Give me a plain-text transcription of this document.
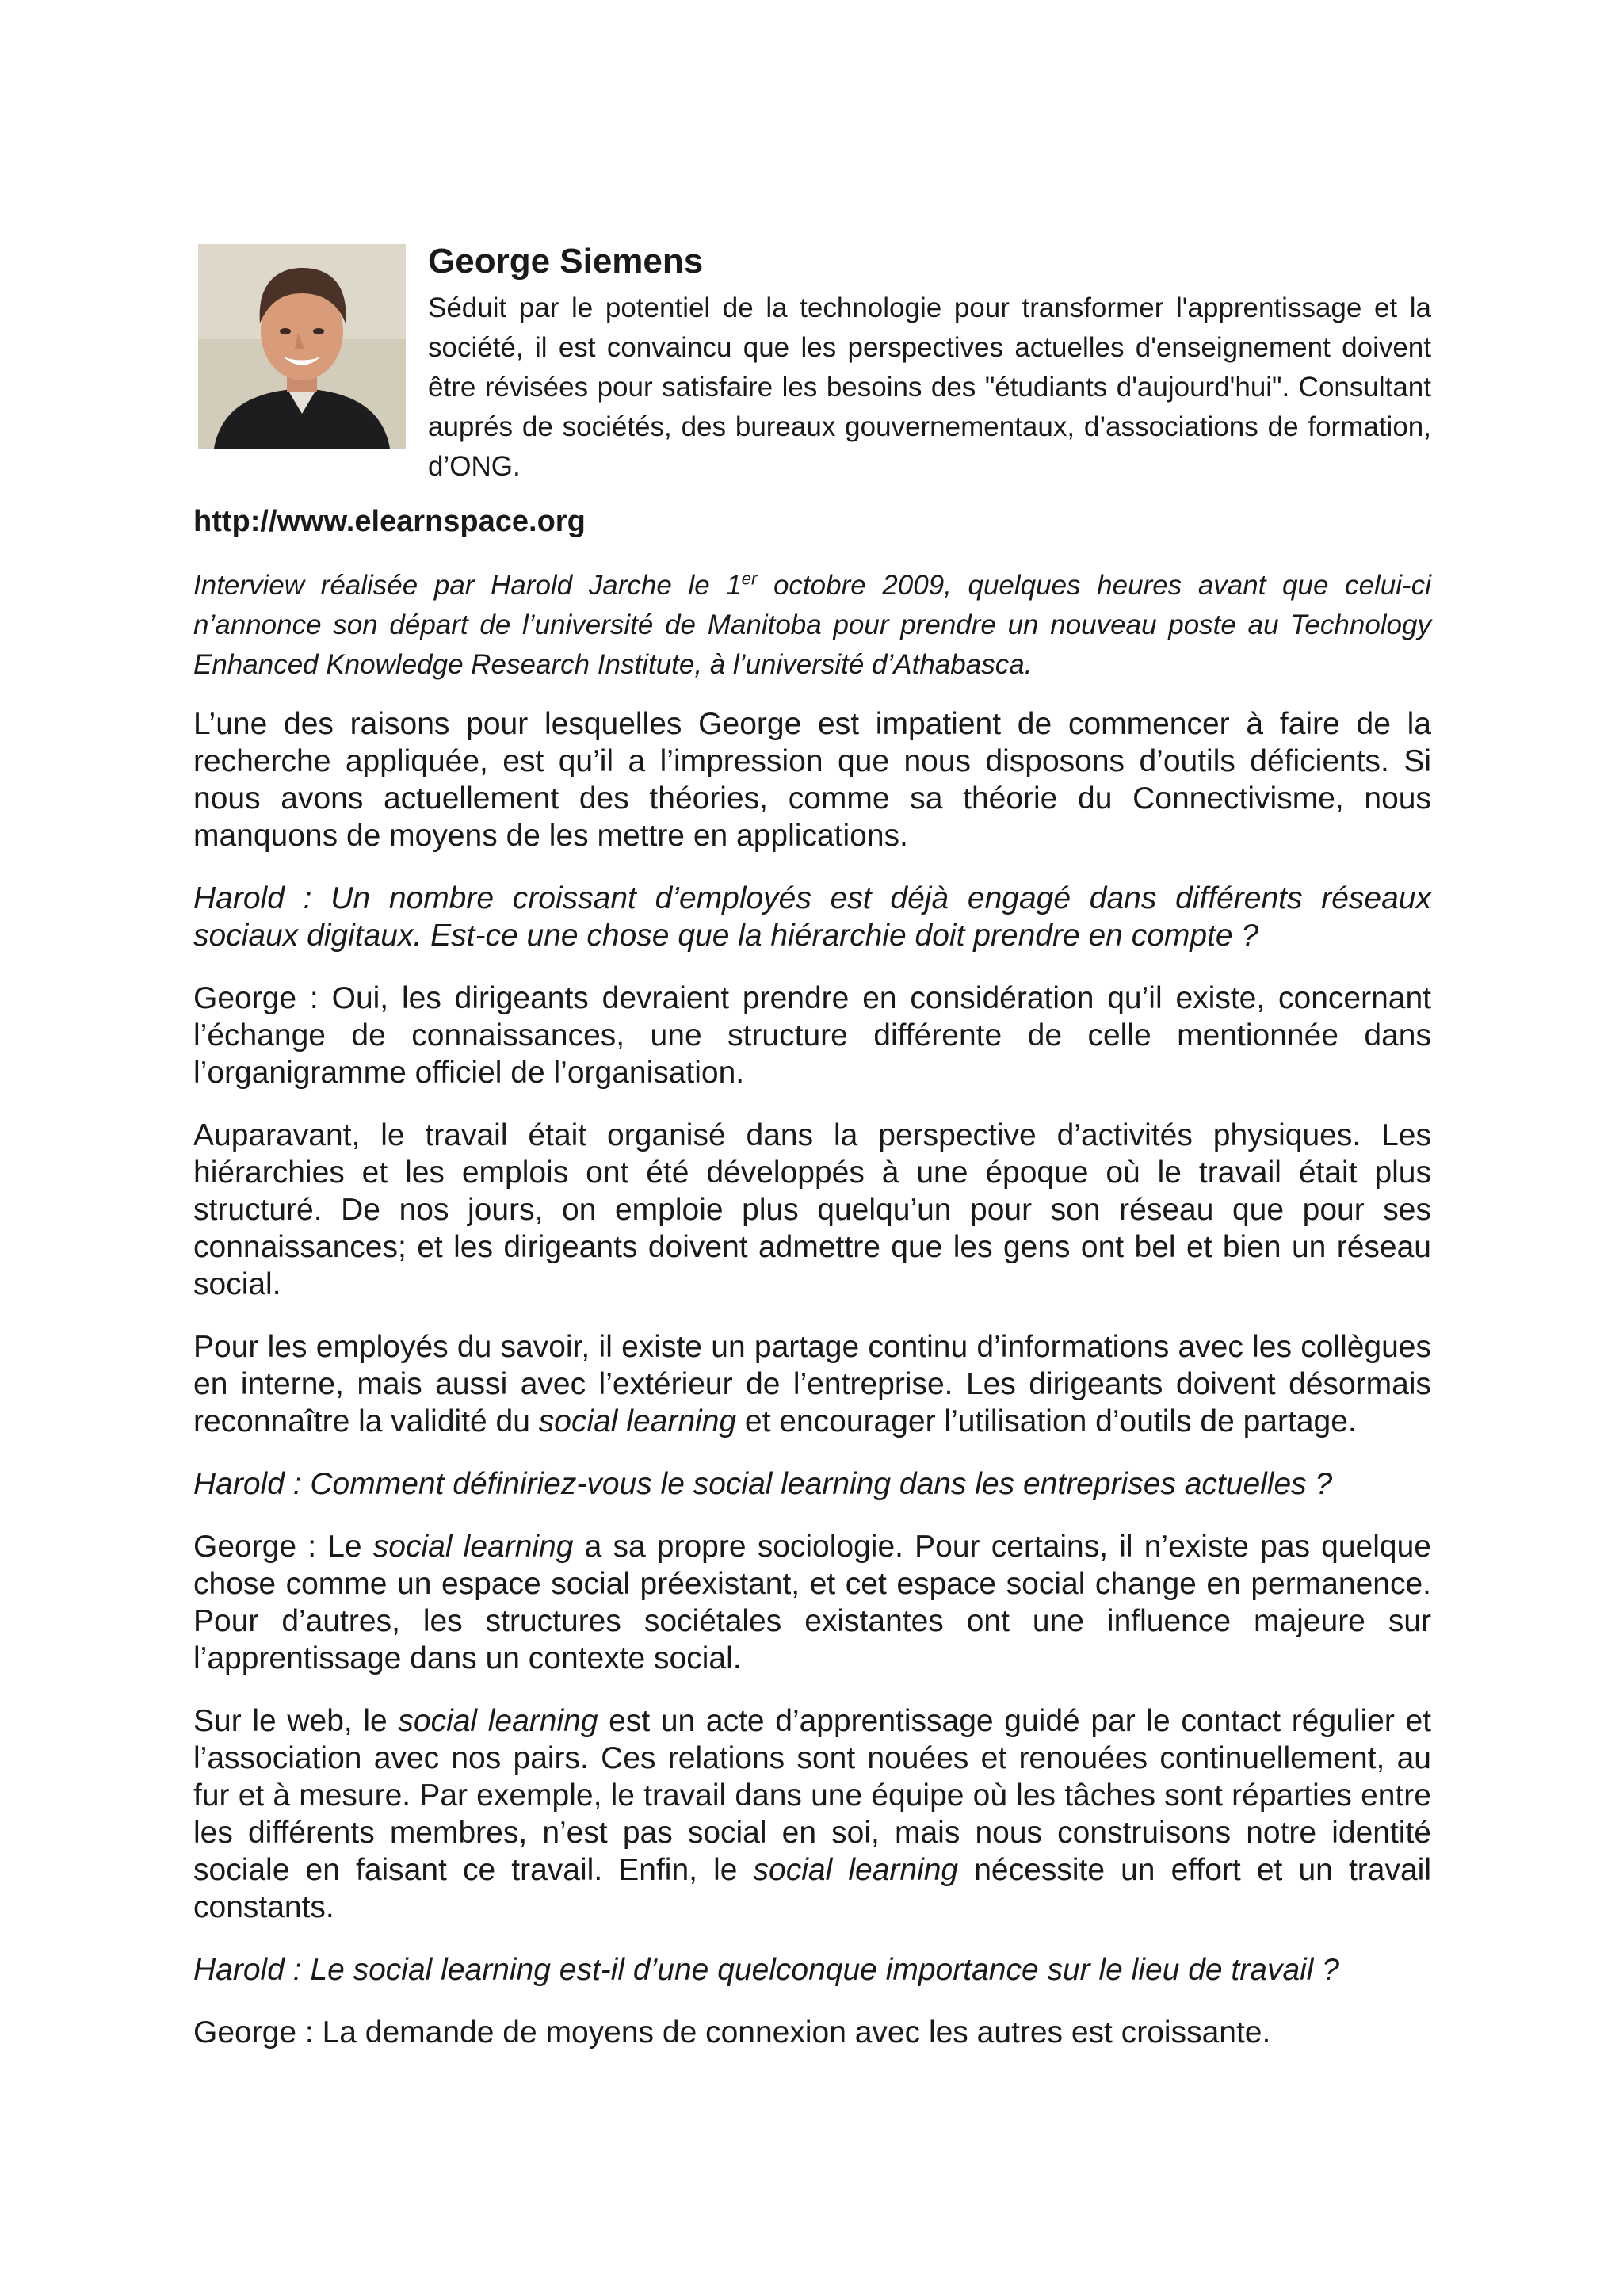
George Siemens

Séduit par le potentiel de la technologie pour transformer l'apprentissage et la société, il est convaincu que les perspectives actuelles d'enseignement doivent être révisées pour satisfaire les besoins des "étudiants d'aujourd'hui". Consultant auprés de sociétés, des bureaux gouvernementaux, d’associations de formation, d’ONG.

http://www.elearnspace.org

Interview réalisée par Harold Jarche le 1er octobre 2009, quelques heures avant que celui-ci n’annonce son départ de l’université de Manitoba pour prendre un nouveau poste au Technology Enhanced Knowledge Research Institute, à l’université d’Athabasca.

L’une des raisons pour lesquelles George est impatient de commencer à faire de la recherche appliquée, est qu’il a l’impression que nous disposons d’outils déficients. Si nous avons actuellement des théories, comme sa théorie du Connectivisme, nous manquons de moyens de les mettre en applications.

Harold : Un nombre croissant d’employés est déjà engagé dans différents réseaux sociaux digitaux. Est-ce une chose que la hiérarchie doit prendre en compte ?

George : Oui, les dirigeants devraient prendre en considération qu’il existe, concernant l’échange de connaissances, une structure différente de celle mentionnée dans l’organigramme officiel de l’organisation.

Auparavant, le travail était organisé dans la perspective d’activités physiques. Les hiérarchies et les emplois ont été développés à une époque où le travail était plus structuré. De nos jours, on emploie plus quelqu’un pour son réseau que pour ses connaissances; et les dirigeants doivent admettre que les gens ont bel et bien un réseau social.

Pour les employés du savoir, il existe un partage continu d’informations avec les collègues en interne, mais aussi avec l’extérieur de l’entreprise. Les dirigeants doivent désormais reconnaître la validité du social learning et encourager l’utilisation d’outils de partage.

Harold : Comment définiriez-vous le social learning dans les entreprises actuelles ?

George : Le social learning a sa propre sociologie. Pour certains, il n’existe pas quelque chose comme un espace social préexistant, et cet espace social change en permanence. Pour d’autres, les structures sociétales existantes ont une influence majeure sur l’apprentissage dans un contexte social.

Sur le web, le social learning est un acte d’apprentissage guidé par le contact régulier et l’association avec nos pairs. Ces relations sont nouées et renouées continuellement, au fur et à mesure. Par exemple, le travail dans une équipe où les tâches sont réparties entre les différents membres, n’est pas social en soi, mais nous construisons notre identité sociale en faisant ce travail. Enfin, le social learning nécessite un effort et un travail constants.

Harold : Le social learning est-il d’une quelconque importance sur le lieu de travail ?

George : La demande de moyens de connexion avec les autres est croissante.
